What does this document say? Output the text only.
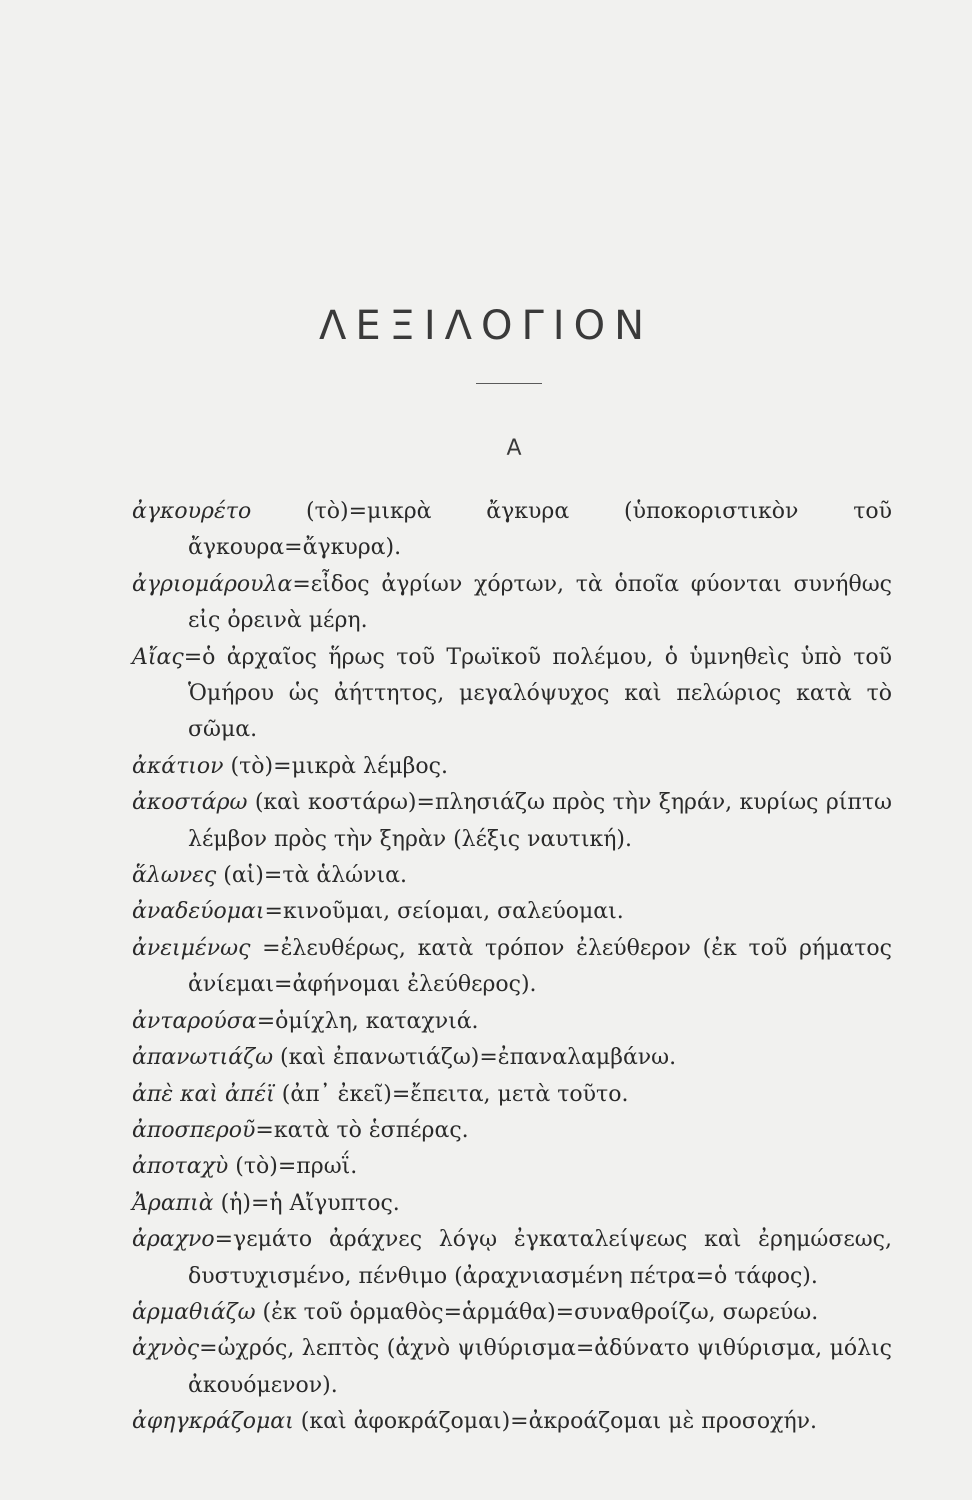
ΛΕΞΙΛΟΓΙΟΝ
Α
ἀγκουρέτο (τὸ)=μικρὰ ἄγκυρα (ὑποκοριστικὸν τοῦ ἄγκουρα=ἄγκυρα).
ἀγριομάρουλα=εἶδος ἀγρίων χόρτων, τὰ ὁποῖα φύονται συνήθως εἰς ὀρεινὰ μέρη.
Αἴας=ὁ ἀρχαῖος ἥρως τοῦ Τρωϊκοῦ πολέμου, ὁ ὑμνηθεὶς ὑπὸ τοῦ Ὁμήρου ὡς ἀήττητος, μεγαλόψυχος καὶ πελώριος κατὰ τὸ σῶμα.
ἀκάτιον (τὸ)=μικρὰ λέμβος.
ἀκοστάρω (καὶ κοστάρω)=πλησιάζω πρὸς τὴν ξηράν, κυρίως ρίπτω λέμβον πρὸς τὴν ξηρὰν (λέξις ναυτική).
ἅλωνες (αἱ)=τὰ ἁλώνια.
ἀναδεύομαι=κινοῦμαι, σείομαι, σαλεύομαι.
ἀνειμένως =ἐλευθέρως, κατὰ τρόπον ἐλεύθερον (ἐκ τοῦ ρήματος ἀνίεμαι=ἀφήνομαι ἐλεύθερος).
ἀνταρούσα=ὁμίχλη, καταχνιά.
ἀπανωτιάζω (καὶ ἐπανωτιάζω)=ἐπαναλαμβάνω.
ἀπὲ καὶ ἀπέϊ (ἀπ᾿ ἐκεῖ)=ἔπειτα, μετὰ τοῦτο.
ἀποσπεροῦ=κατὰ τὸ ἑσπέρας.
ἀποταχὺ (τὸ)=πρωΐ.
Ἀραπιὰ (ἡ)=ἡ Αἴγυπτος.
ἀραχνο=γεμάτο ἀράχνες λόγῳ ἐγκαταλείψεως καὶ ἐρημώσεως, δυστυχισμένο, πένθιμο (ἀραχνιασμένη πέτρα=ὁ τάφος).
ἁρμαθιάζω (ἐκ τοῦ ὁρμαθὸς=ἁρμάθα)=συναθροίζω, σωρεύω.
ἀχνὸς=ὠχρός, λεπτὸς (ἀχνὸ ψιθύρισμα=ἀδύνατο ψιθύρισμα, μόλις ἀκουόμενον).
ἀφηγκράζομαι (καὶ ἀφοκράζομαι)=ἀκροάζομαι μὲ προσοχήν.
